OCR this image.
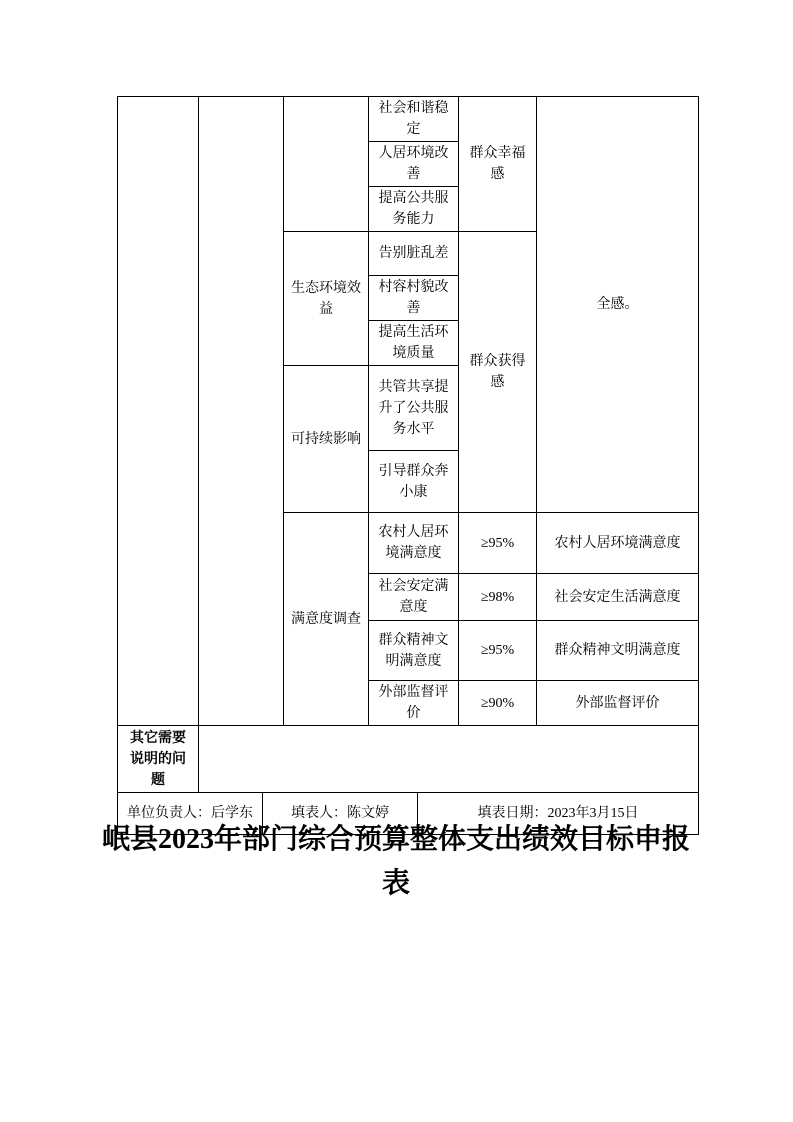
			社会和谐稳定	群众幸福感	全感。
			人居环境改善		
			提高公共服务能力		
		生态环境效益	告别脏乱差	群众获得感	
			村容村貌改善		
			提高生活环境质量		
		可持续影响	共管共享提升了公共服务水平		
			引导群众奔小康		
		满意度调查	农村人居环境满意度	≥95%	农村人居环境满意度
			社会安定满意度	≥98%	社会安定生活满意度
			群众精神文明满意度	≥95%	群众精神文明满意度
			外部监督评价	≥90%	外部监督评价
其它需要说明的问题					
单位负责人：后学东	填表人：陈文婷	填表日期：2023年3月15日
岷县2023年部门综合预算整体支出绩效目标申报表
